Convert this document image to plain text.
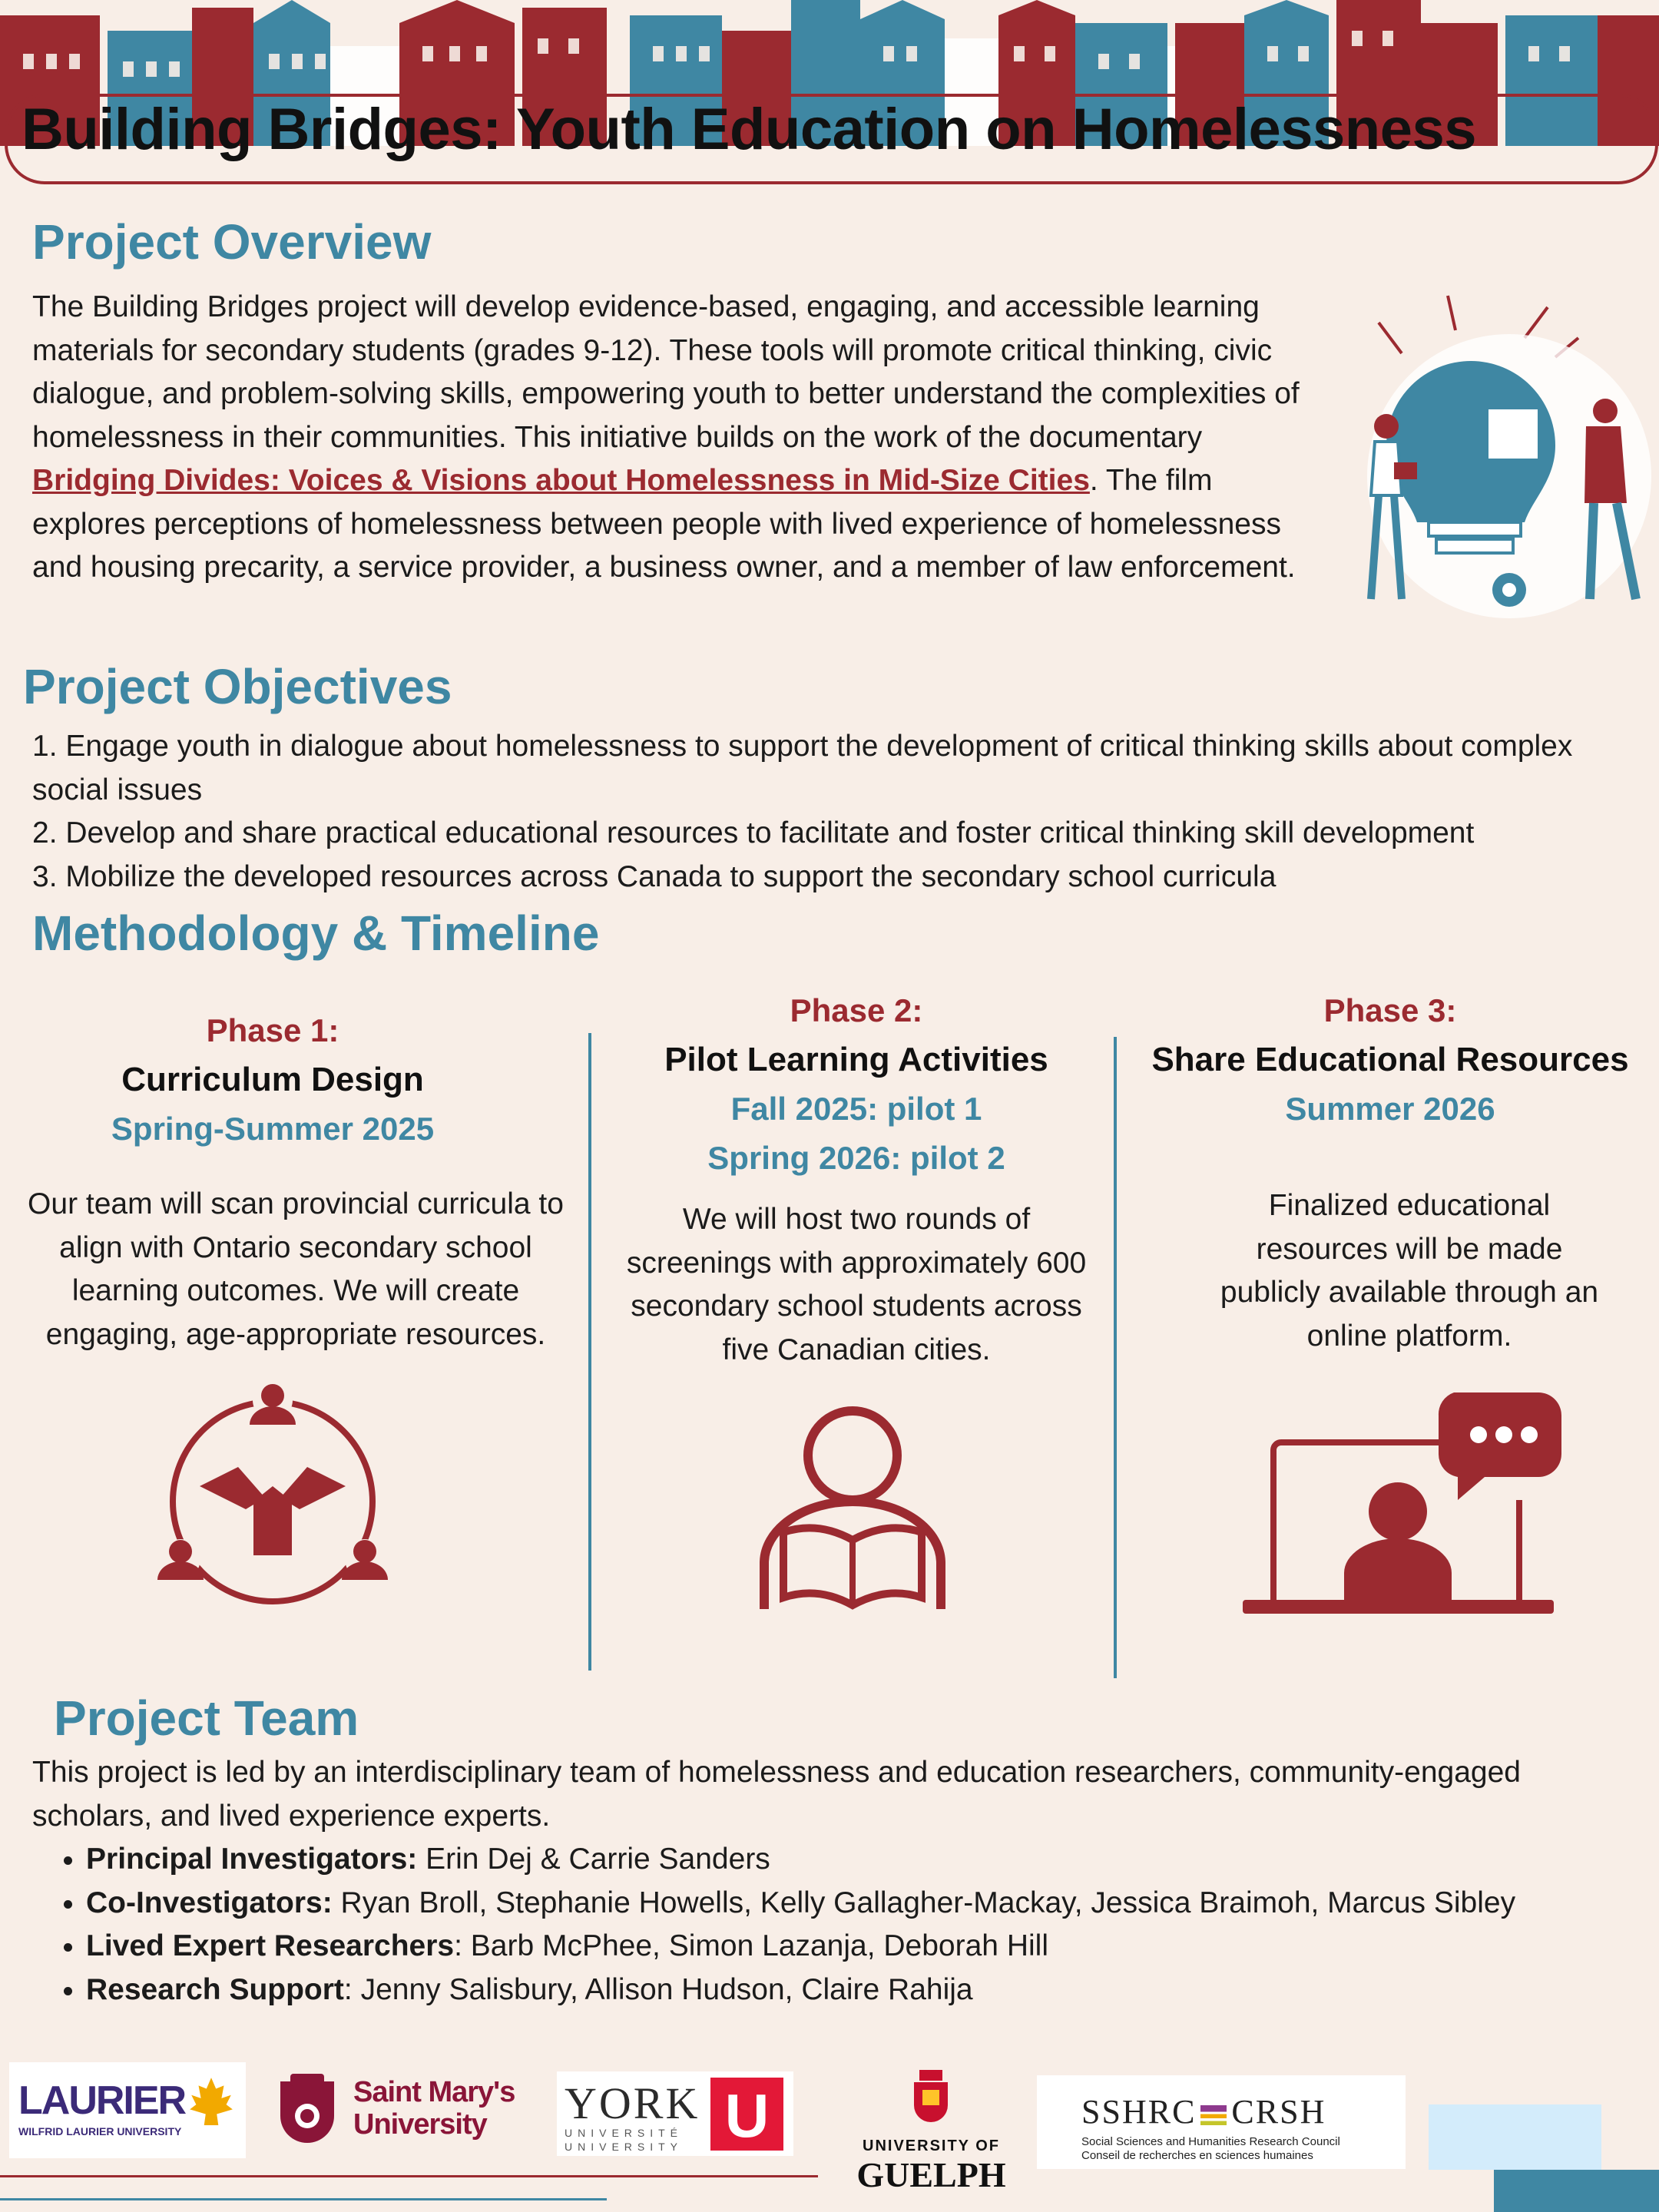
Building Bridges: Youth Education on Homelessness
Project Overview
The Building Bridges project will develop evidence-based, engaging, and accessible learning materials for secondary students (grades 9-12). These tools will promote critical thinking, civic dialogue, and problem-solving skills, empowering youth to better understand the complexities of homelessness in their communities. This initiative builds on the work of the documentary Bridging Divides: Voices & Visions about Homelessness in Mid-Size Cities. The film explores perceptions of homelessness between people with lived experience of homelessness and housing precarity, a service provider, a business owner, and a member of law enforcement.
Project Objectives
1. Engage youth in dialogue about homelessness to support the development of critical thinking skills about complex social issues
2. Develop and share practical educational resources to facilitate and foster critical thinking skill development
3. Mobilize the developed resources across Canada to support the secondary school curricula
Methodology & Timeline
Phase 1:
Curriculum Design
Spring-Summer 2025
Our team will scan provincial curricula to align with Ontario secondary school learning outcomes. We will create engaging, age-appropriate resources.
Phase 2:
Pilot Learning Activities
Fall 2025: pilot 1
Spring 2026: pilot 2
We will host two rounds of screenings with approximately 600 secondary school students across five Canadian cities.
Phase 3:
Share Educational Resources
Summer 2026
Finalized educational resources will be made publicly available through an online platform.
Project Team
This project is led by an interdisciplinary team of homelessness and education researchers, community-engaged scholars, and lived experience experts.
• Principal Investigators: Erin Dej & Carrie Sanders
• Co-Investigators: Ryan Broll, Stephanie Howells, Kelly Gallagher-Mackay, Jessica Braimoh, Marcus Sibley
• Lived Expert Researchers: Barb McPhee, Simon Lazanja, Deborah Hill
• Research Support: Jenny Salisbury, Allison Hudson, Claire Rahija
LAURIER
WILFRID LAURIER UNIVERSITY
Saint Mary's
University YORK
UNIVERSITÉ
UNIVERSITY U	UNIVERSITY OF
GUELPH
SSHRC CRSH
Social Sciences and Humanities Research Council
Conseil de recherches en sciences humaines
